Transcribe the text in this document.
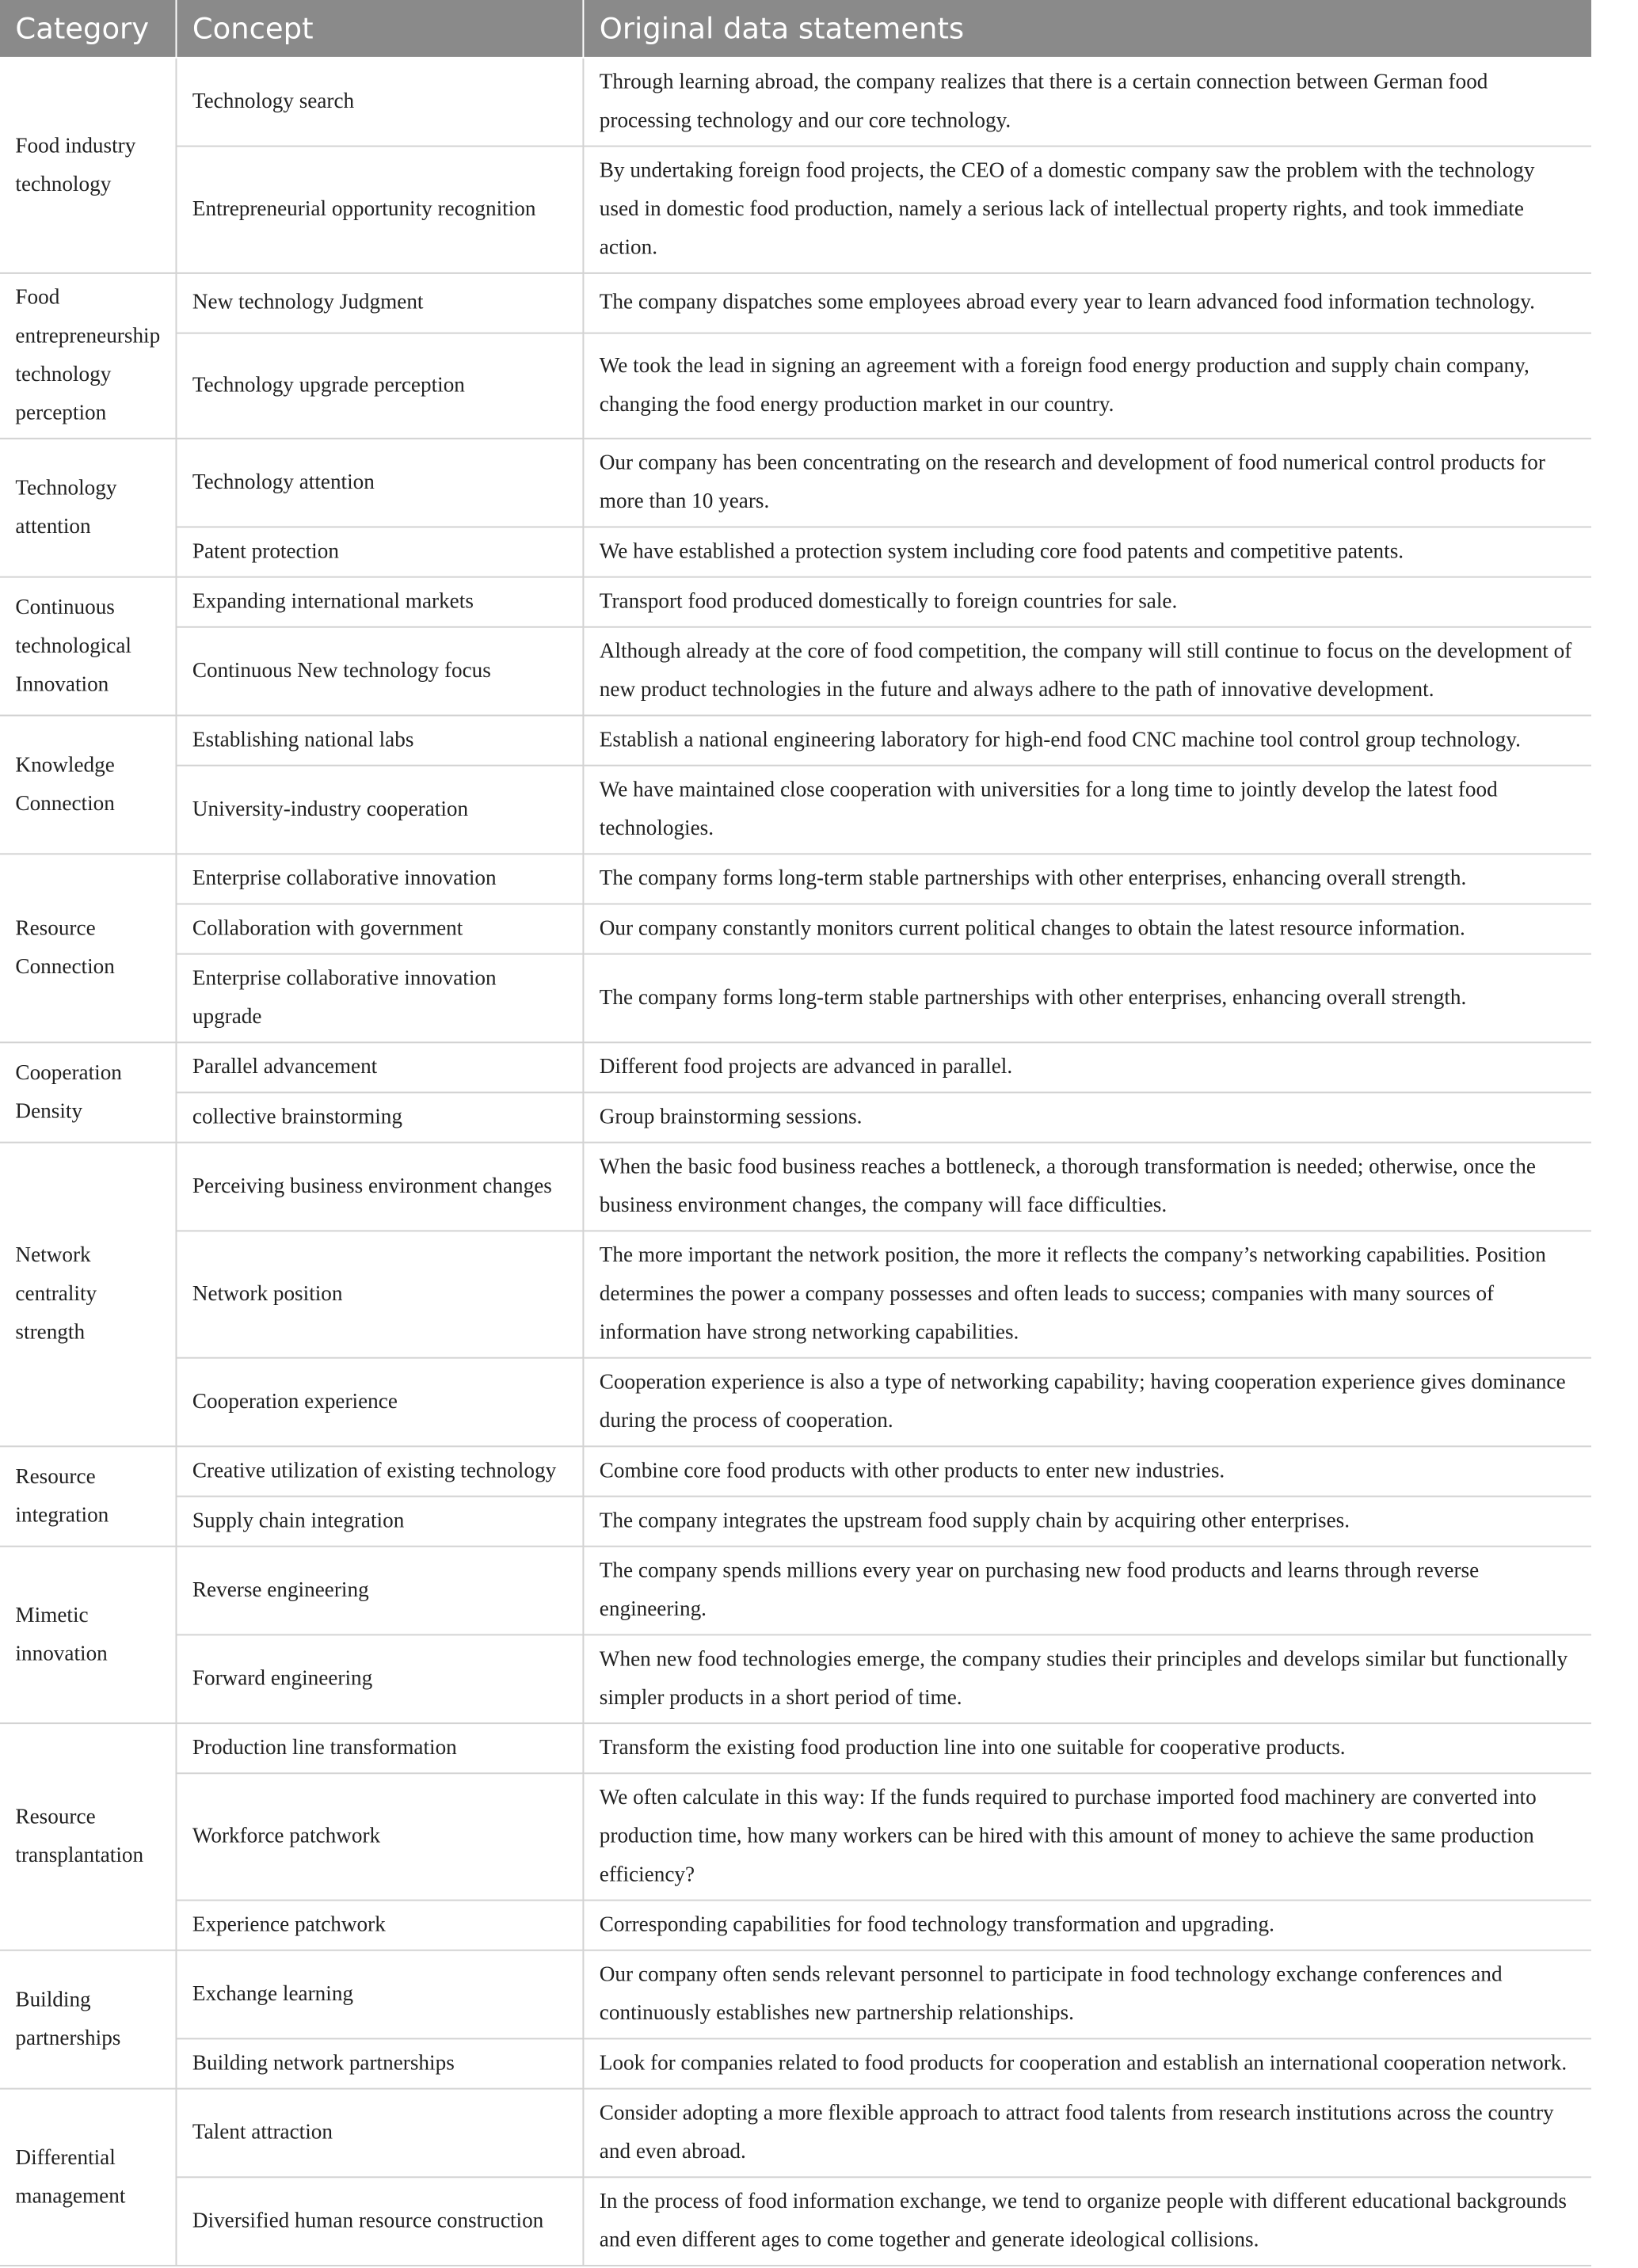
Category	Concept	Original data statements
Food industry technology	Technology search	Through learning abroad, the company realizes that there is a certain connection between German food processing technology and our core technology.
	Entrepreneurial opportunity recognition	By undertaking foreign food projects, the CEO of a domestic company saw the problem with the technology used in domestic food production, namely a serious lack of intellectual property rights, and took immediate action.
Food entrepreneurship technology perception	New technology Judgment	The company dispatches some employees abroad every year to learn advanced food information technology.
	Technology upgrade perception	We took the lead in signing an agreement with a foreign food energy production and supply chain company, changing the food energy production market in our country.
Technology attention	Technology attention	Our company has been concentrating on the research and development of food numerical control products for more than 10 years.
	Patent protection	We have established a protection system including core food patents and competitive patents.
Continuous technological Innovation	Expanding international markets	Transport food produced domestically to foreign countries for sale.
	Continuous New technology focus	Although already at the core of food competition, the company will still continue to focus on the development of new product technologies in the future and always adhere to the path of innovative development.
Knowledge Connection	Establishing national labs	Establish a national engineering laboratory for high-end food CNC machine tool control group technology.
	University-industry cooperation	We have maintained close cooperation with universities for a long time to jointly develop the latest food technologies.
Resource Connection	Enterprise collaborative innovation	The company forms long-term stable partnerships with other enterprises, enhancing overall strength.
	Collaboration with government	Our company constantly monitors current political changes to obtain the latest resource information.
	Enterprise collaborative innovation upgrade	The company forms long-term stable partnerships with other enterprises, enhancing overall strength.
Cooperation Density	Parallel advancement	Different food projects are advanced in parallel.
	collective brainstorming	Group brainstorming sessions.
Network centrality strength	Perceiving business environment changes	When the basic food business reaches a bottleneck, a thorough transformation is needed; otherwise, once the business environment changes, the company will face difficulties.
	Network position	The more important the network position, the more it reflects the company’s networking capabilities. Position determines the power a company possesses and often leads to success; companies with many sources of information have strong networking capabilities.
	Cooperation experience	Cooperation experience is also a type of networking capability; having cooperation experience gives dominance during the process of cooperation.
Resource integration	Creative utilization of existing technology	Combine core food products with other products to enter new industries.
	Supply chain integration	The company integrates the upstream food supply chain by acquiring other enterprises.
Mimetic innovation	Reverse engineering	The company spends millions every year on purchasing new food products and learns through reverse engineering.
	Forward engineering	When new food technologies emerge, the company studies their principles and develops similar but functionally simpler products in a short period of time.
Resource transplantation	Production line transformation	Transform the existing food production line into one suitable for cooperative products.
	Workforce patchwork	We often calculate in this way: If the funds required to purchase imported food machinery are converted into production time, how many workers can be hired with this amount of money to achieve the same production efficiency?
	Experience patchwork	Corresponding capabilities for food technology transformation and upgrading.
Building partnerships	Exchange learning	Our company often sends relevant personnel to participate in food technology exchange conferences and continuously establishes new partnership relationships.
	Building network partnerships	Look for companies related to food products for cooperation and establish an international cooperation network.
Differential management	Talent attraction	Consider adopting a more flexible approach to attract food talents from research institutions across the country and even abroad.
	Diversified human resource construction	In the process of food information exchange, we tend to organize people with different educational backgrounds and even different ages to come together and generate ideological collisions.
